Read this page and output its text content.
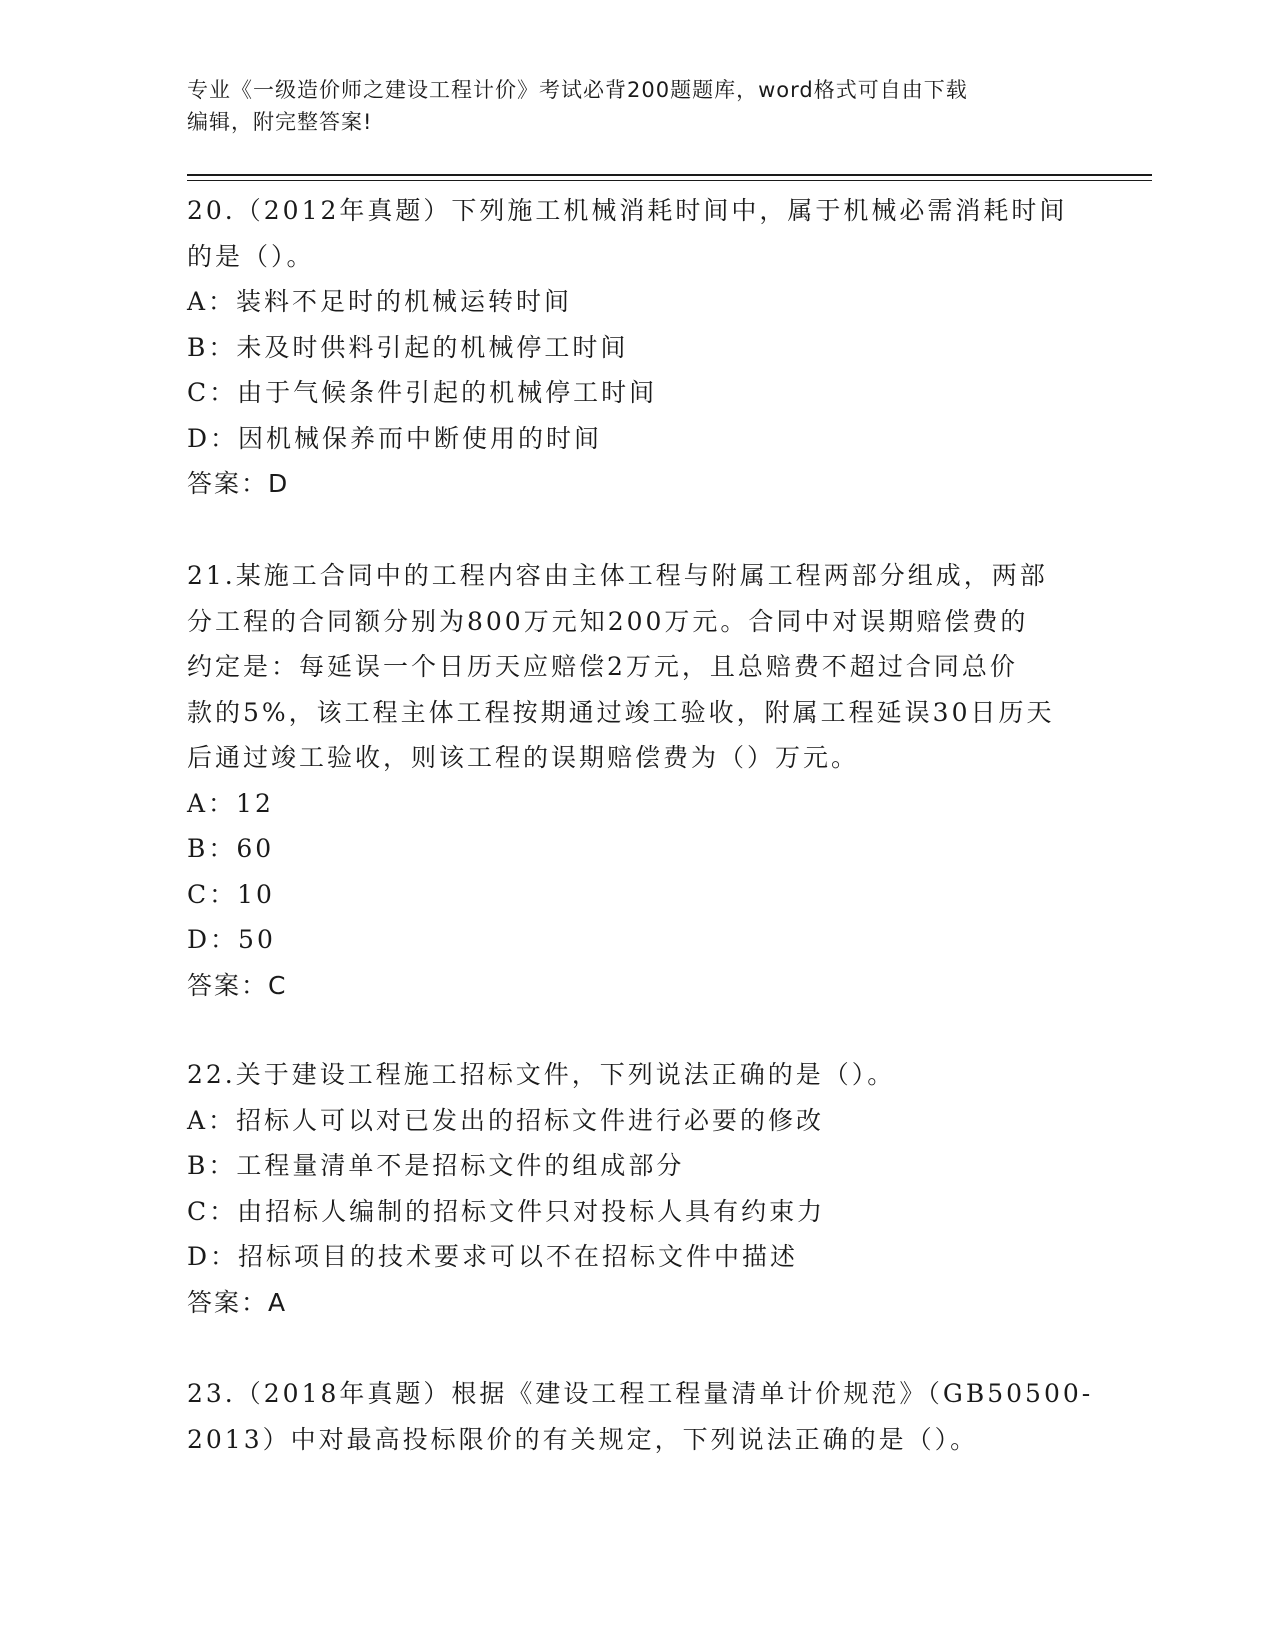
专业《一级造价师之建设工程计价》考试必背200题题库，word格式可自由下载
编辑，附完整答案!

20.（2012年真题）下列施工机械消耗时间中，属于机械必需消耗时间

的是（）。

A：装料不足时的机械运转时间

B：未及时供料引起的机械停工时间

C：由于气候条件引起的机械停工时间

D：因机械保养而中断使用的时间

答案：D

21.某施工合同中的工程内容由主体工程与附属工程两部分组成，两部

分工程的合同额分别为800万元知200万元。合同中对误期赔偿费的

约定是：每延误一个日历天应赔偿2万元，且总赔费不超过合同总价

款的5%，该工程主体工程按期通过竣工验收，附属工程延误30日历天

后通过竣工验收，则该工程的误期赔偿费为（）万元。

A：12

B：60

C：10

D：50

答案：C

22.关于建设工程施工招标文件，下列说法正确的是（）。

A：招标人可以对已发出的招标文件进行必要的修改

B：工程量清单不是招标文件的组成部分

C：由招标人编制的招标文件只对投标人具有约束力

D：招标项目的技术要求可以不在招标文件中描述

答案：A

23.（2018年真题）根据《建设工程工程量清单计价规范》（GB50500-

2013）中对最高投标限价的有关规定，下列说法正确的是（）。
